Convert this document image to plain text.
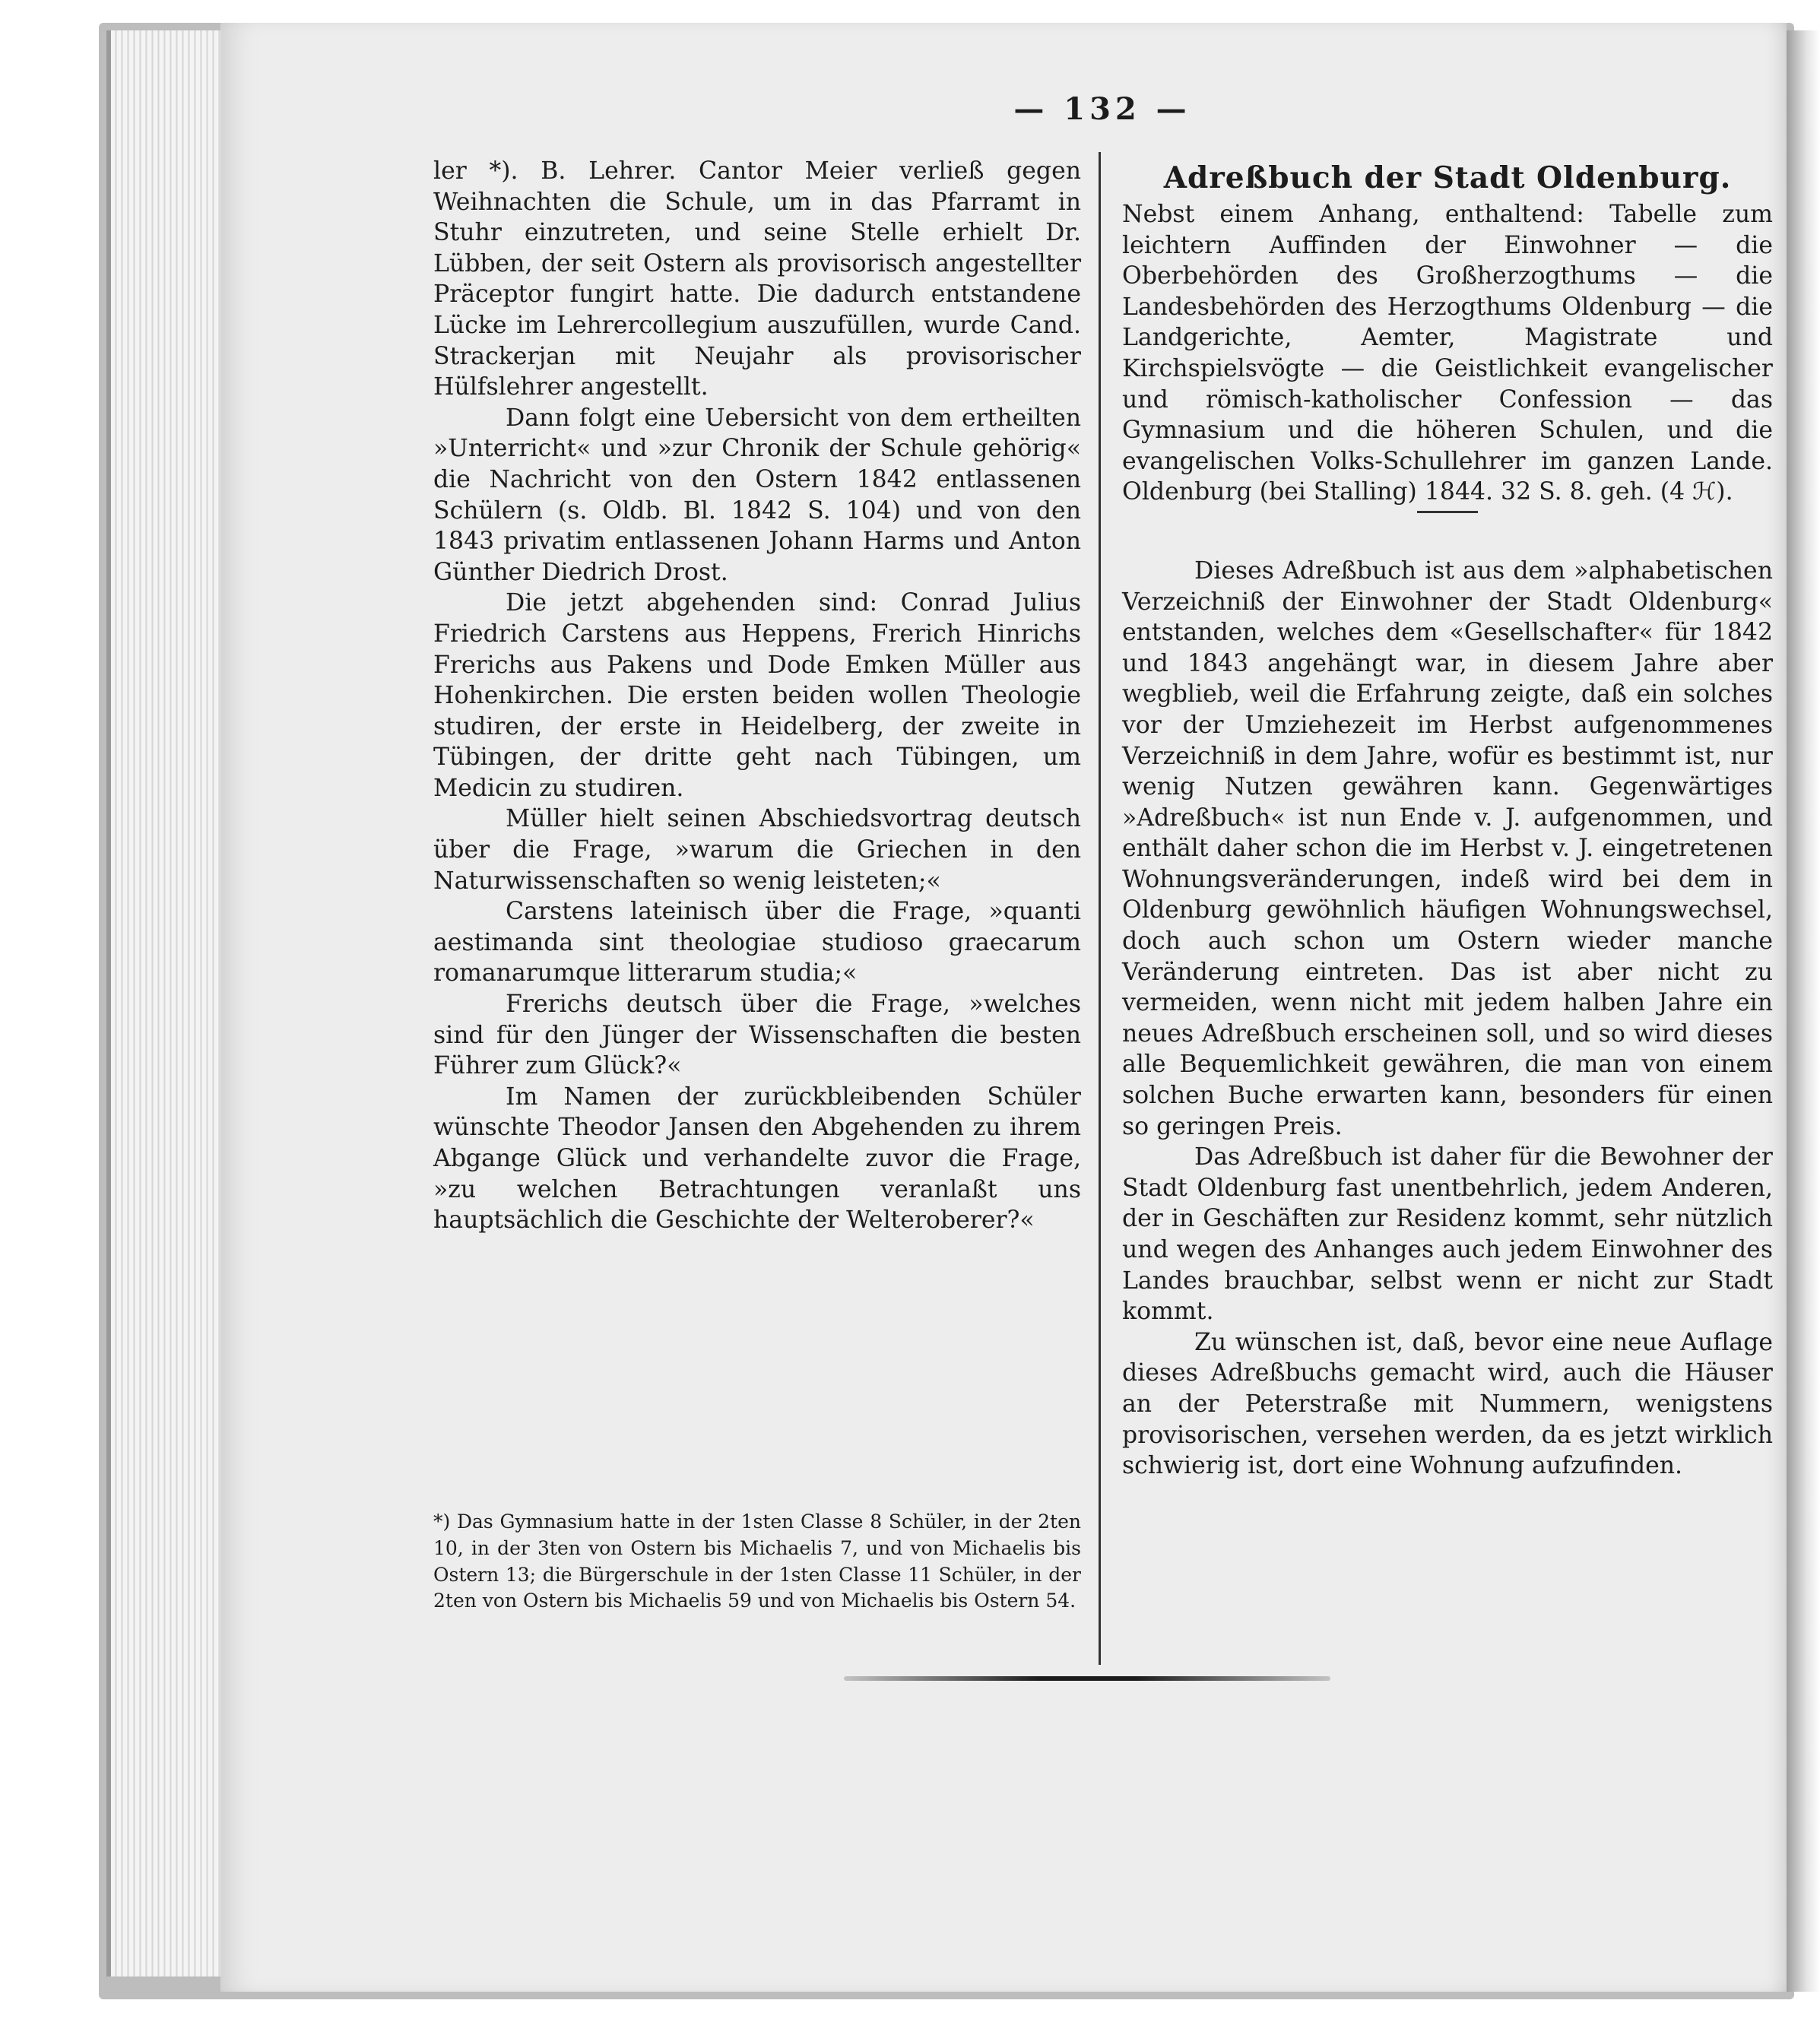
— 132 —

ler *). B. Lehrer. Cantor Meier verließ gegen Weihnachten die Schule, um in das Pfarramt in Stuhr einzutreten, und seine Stelle erhielt Dr. Lübben, der seit Ostern als provisorisch angestellter Präceptor fungirt hatte. Die dadurch entstandene Lücke im Lehrercollegium auszufüllen, wurde Cand. Strackerjan mit Neujahr als provisorischer Hülfslehrer angestellt.

Dann folgt eine Uebersicht von dem ertheilten »Unterricht« und »zur Chronik der Schule gehörig« die Nachricht von den Ostern 1842 entlassenen Schülern (s. Oldb. Bl. 1842 S. 104) und von den 1843 privatim entlassenen Johann Harms und Anton Günther Diedrich Drost.

Die jetzt abgehenden sind: Conrad Julius Friedrich Carstens aus Heppens, Frerich Hinrichs Frerichs aus Pakens und Dode Emken Müller aus Hohenkirchen. Die ersten beiden wollen Theologie studiren, der erste in Heidelberg, der zweite in Tübingen, der dritte geht nach Tübingen, um Medicin zu studiren.

Müller hielt seinen Abschiedsvortrag deutsch über die Frage, »warum die Griechen in den Naturwissenschaften so wenig leisteten;«

Carstens lateinisch über die Frage, »quanti aestimanda sint theologiae studioso graecarum romanarumque litterarum studia;«

Frerichs deutsch über die Frage, »welches sind für den Jünger der Wissenschaften die besten Führer zum Glück?«

Im Namen der zurückbleibenden Schüler wünschte Theodor Jansen den Abgehenden zu ihrem Abgange Glück und verhandelte zuvor die Frage, »zu welchen Betrachtungen veranlaßt uns hauptsächlich die Geschichte der Welteroberer?«

*) Das Gymnasium hatte in der 1sten Classe 8 Schüler, in der 2ten 10, in der 3ten von Ostern bis Michaelis 7, und von Michaelis bis Ostern 13; die Bürgerschule in der 1sten Classe 11 Schüler, in der 2ten von Ostern bis Michaelis 59 und von Michaelis bis Ostern 54.
Adreßbuch der Stadt Oldenburg.

Nebst einem Anhang, enthaltend: Tabelle zum leichtern Auffinden der Einwohner — die Oberbehörden des Großherzogthums — die Landesbehörden des Herzogthums Oldenburg — die Landgerichte, Aemter, Magistrate und Kirchspielsvögte — die Geistlichkeit evangelischer und römisch-katholischer Confession — das Gymnasium und die höheren Schulen, und die evangelischen Volks-Schullehrer im ganzen Lande. Oldenburg (bei Stalling) 1844. 32 S. 8. geh. (4 ℋ).

Dieses Adreßbuch ist aus dem »alphabetischen Verzeichniß der Einwohner der Stadt Oldenburg« entstanden, welches dem «Gesellschafter« für 1842 und 1843 angehängt war, in diesem Jahre aber wegblieb, weil die Erfahrung zeigte, daß ein solches vor der Umziehezeit im Herbst aufgenommenes Verzeichniß in dem Jahre, wofür es bestimmt ist, nur wenig Nutzen gewähren kann. Gegenwärtiges »Adreßbuch« ist nun Ende v. J. aufgenommen, und enthält daher schon die im Herbst v. J. eingetretenen Wohnungsveränderungen, indeß wird bei dem in Oldenburg gewöhnlich häufigen Wohnungswechsel, doch auch schon um Ostern wieder manche Veränderung eintreten. Das ist aber nicht zu vermeiden, wenn nicht mit jedem halben Jahre ein neues Adreßbuch erscheinen soll, und so wird dieses alle Bequemlichkeit gewähren, die man von einem solchen Buche erwarten kann, besonders für einen so geringen Preis.

Das Adreßbuch ist daher für die Bewohner der Stadt Oldenburg fast unentbehrlich, jedem Anderen, der in Geschäften zur Residenz kommt, sehr nützlich und wegen des Anhanges auch jedem Einwohner des Landes brauchbar, selbst wenn er nicht zur Stadt kommt.

Zu wünschen ist, daß, bevor eine neue Auflage dieses Adreßbuchs gemacht wird, auch die Häuser an der Peterstraße mit Nummern, wenigstens provisorischen, versehen werden, da es jetzt wirklich schwierig ist, dort eine Wohnung aufzufinden.
